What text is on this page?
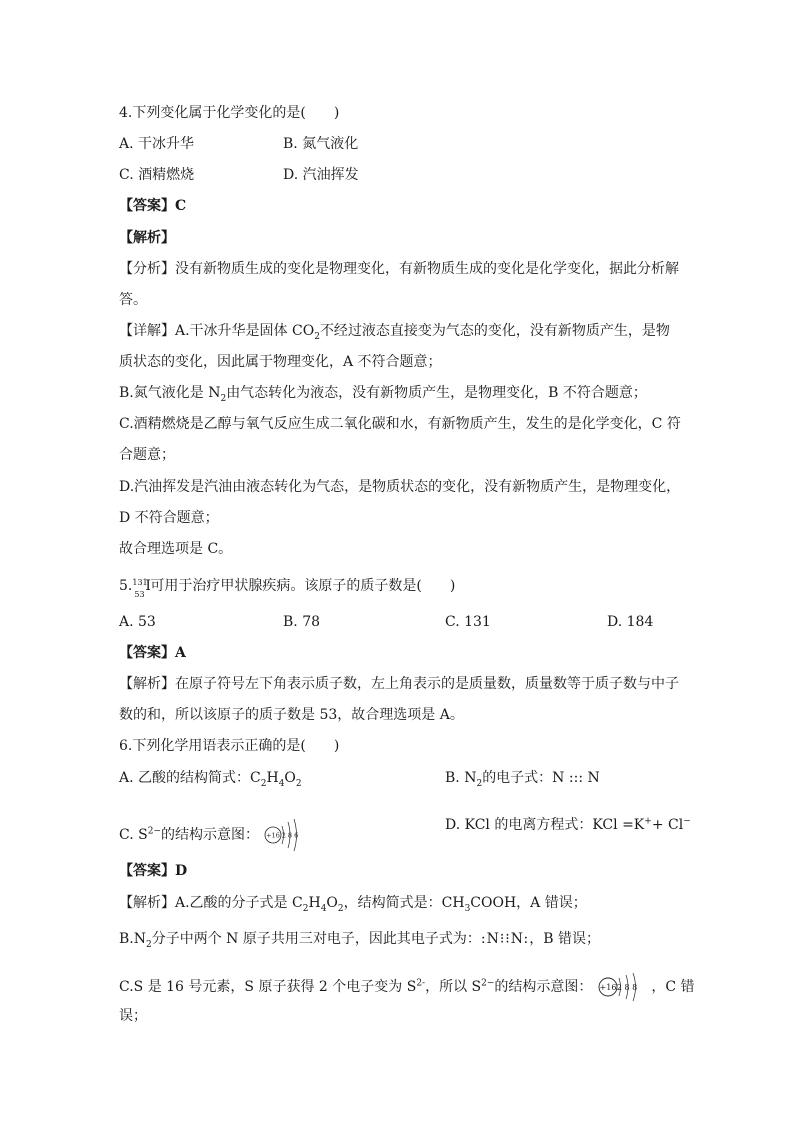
4.下列变化属于化学变化的是(　　)
A. 干冰升华	B. 氮气液化
C. 酒精燃烧	D. 汽油挥发
【答案】C
【解析】
【分析】没有新物质生成的变化是物理变化，有新物质生成的变化是化学变化，据此分析解
答。
【详解】A.干冰升华是固体 $CO_2$不经过液态直接变为气态的变化，没有新物质产生，是物
质状态的变化，因此属于物理变化，A 不符合题意；
B.氮气液化是 $N_2$由气态转化为液态，没有新物质产生，是物理变化，B 不符合题意；
C.酒精燃烧是乙醇与氧气反应生成二氧化碳和水，有新物质产生，发生的是化学变化，C 符
合题意；
D.汽油挥发是汽油由液态转化为气态，是物质状态的变化，没有新物质产生，是物理变化，
D 不符合题意；
故合理选项是 C。
5. 131
53
I 可用于治疗甲状腺疾病。该原子的质子数是(　　)
A. 53	B. 78	C. 131	D. 184
【答案】A
【解析】在原子符号左下角表示质子数，左上角表示的是质量数，质量数等于质子数与中子
数的和，所以该原子的质子数是 53，故合理选项是 A。
6.下列化学用语表示正确的是(　　)
A. 乙酸的结构简式：$C_2H_4O_2$	B. $N_2$的电子式：N ::: N
C. $S^{2-}$的结构示意图： +16 2 8 6
D. KCl 的电离方程式：KCl =K++ Cl−
【答案】D
【解析】A.乙酸的分子式是 $C_2H_4O_2$，结构简式是：$CH_3COOH$，A 错误；
$B.N_2$分子中两个 N 原子共用三对电子，因此其电子式为：:N⁝⁝N:，B 错误；
C.S 是 16 号元素，S 原子获得 2 个电子变为 $S^{2-}$，所以 $S^{2-}$的结构示意图： +16 2 8 8 ，C 错
误；
